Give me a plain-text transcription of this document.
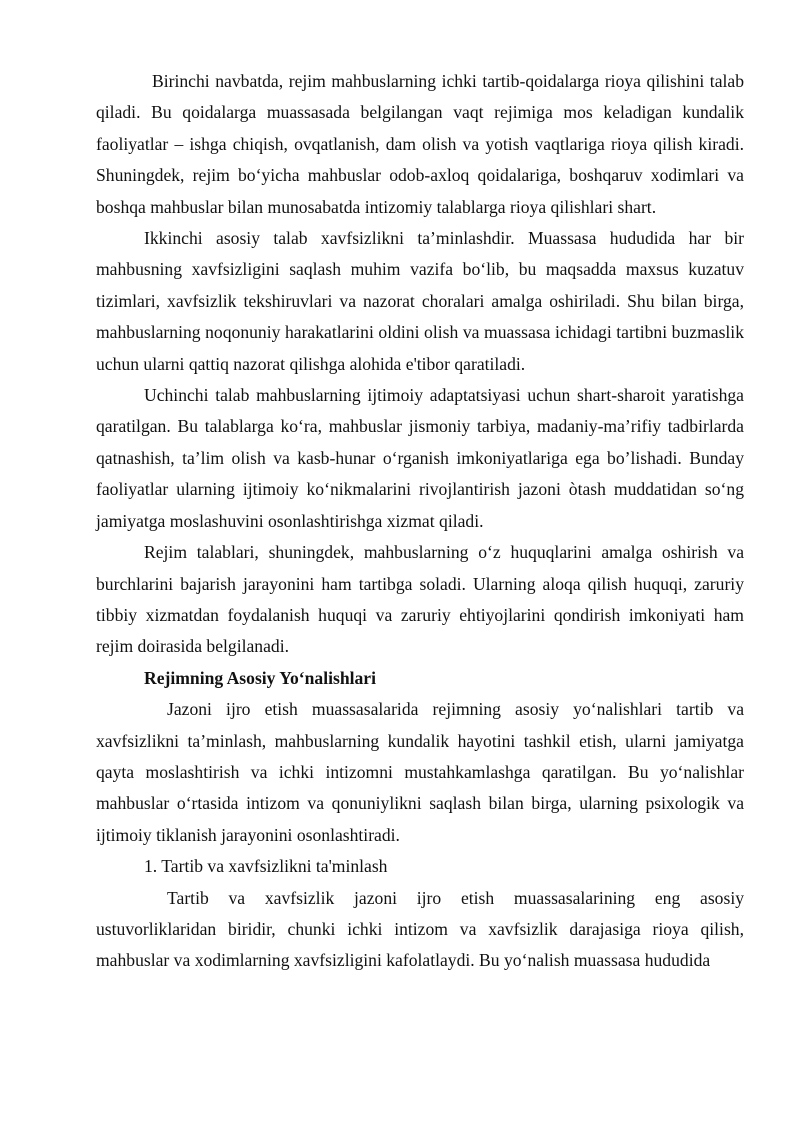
Birinchi navbatda, rejim mahbuslarning ichki tartib-qoidalarga rioya qilishini talab qiladi. Bu qoidalarga muassasada belgilangan vaqt rejimiga mos keladigan kundalik faoliyatlar – ishga chiqish, ovqatlanish, dam olish va yotish vaqtlariga rioya qilish kiradi. Shuningdek, rejim bo‘yicha mahbuslar odob-axloq qoidalariga, boshqaruv xodimlari va boshqa mahbuslar bilan munosabatda intizomiy talablarga rioya qilishlari shart.

Ikkinchi asosiy talab xavfsizlikni ta’minlashdir. Muassasa hududida har bir mahbusning xavfsizligini saqlash muhim vazifa bo‘lib, bu maqsadda maxsus kuzatuv tizimlari, xavfsizlik tekshiruvlari va nazorat choralari amalga oshiriladi. Shu bilan birga, mahbuslarning noqonuniy harakatlarini oldini olish va muassasa ichidagi tartibni buzmaslik uchun ularni qattiq nazorat qilishga alohida e'tibor qaratiladi.

Uchinchi talab mahbuslarning ijtimoiy adaptatsiyasi uchun shart-sharoit yaratishga qaratilgan. Bu talablarga ko‘ra, mahbuslar jismoniy tarbiya, madaniy-ma’rifiy tadbirlarda qatnashish, ta’lim olish va kasb-hunar o‘rganish imkoniyatlariga ega bo’lishadi. Bunday faoliyatlar ularning ijtimoiy ko‘nikmalarini rivojlantirish jazoni òtash muddatidan so‘ng jamiyatga moslashuvini osonlashtirishga xizmat qiladi.

Rejim talablari, shuningdek, mahbuslarning o‘z huquqlarini amalga oshirish va burchlarini bajarish jarayonini ham tartibga soladi. Ularning aloqa qilish huquqi, zaruriy tibbiy xizmatdan foydalanish huquqi va zaruriy ehtiyojlarini qondirish imkoniyati ham rejim doirasida belgilanadi.

Rejimning Asosiy Yo‘nalishlari

Jazoni ijro etish muassasalarida rejimning asosiy yo‘nalishlari tartib va xavfsizlikni ta’minlash, mahbuslarning kundalik hayotini tashkil etish, ularni jamiyatga qayta moslashtirish va ichki intizomni mustahkamlashga qaratilgan. Bu yo‘nalishlar mahbuslar o‘rtasida intizom va qonuniylikni saqlash bilan birga, ularning psixologik va ijtimoiy tiklanish jarayonini osonlashtiradi.

1. Tartib va xavfsizlikni ta'minlash

Tartib va xavfsizlik jazoni ijro etish muassasalarining eng asosiy ustuvorliklaridan biridir, chunki ichki intizom va xavfsizlik darajasiga rioya qilish, mahbuslar va xodimlarning xavfsizligini kafolatlaydi. Bu yo‘nalish muassasa hududida
